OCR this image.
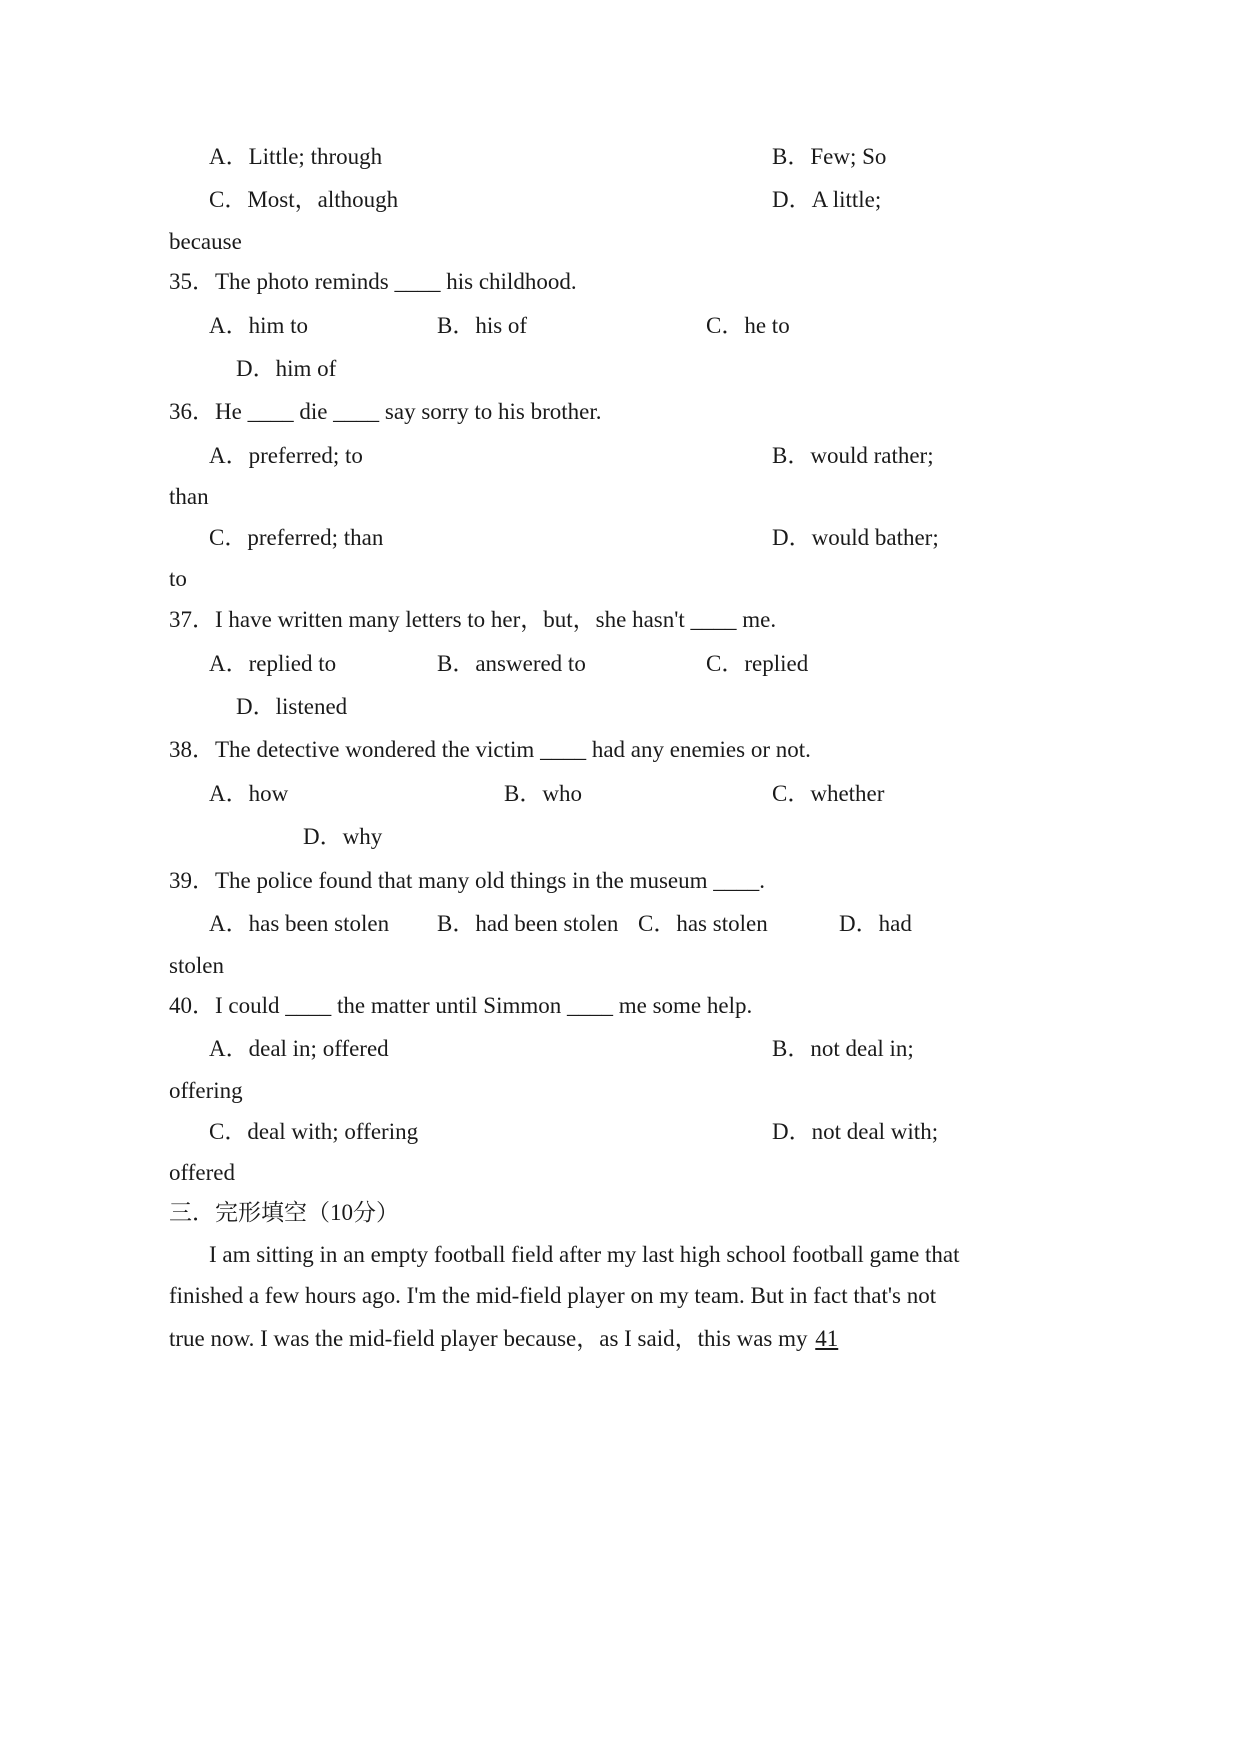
A．Little; through	B．Few; So
C．Most，although	D．A little;
because
35．The photo reminds ____ his childhood.
A．him to	B．his of	C．he to
D．him of
36．He ____ die ____ say sorry to his brother.
A．preferred; to	B．would rather;
than
C．preferred; than	D．would bather;
to
37．I have written many letters to her，but，she hasn't ____ me.
A．replied to	B．answered to	C．replied
D．listened
38．The detective wondered the victim ____ had any enemies or not.
A．how	B．who	C．whether
D．why
39．The police found that many old things in the museum ____.
A．has been stolen B．had been stolen C．has stolen	D．had
stolen
40．I could ____ the matter until Simmon ____ me some help.
A．deal in; offered	B．not deal in;
offering
C．deal with; offering	D．not deal with;
offered
三．完形填空（10分）
I am sitting in an empty football field after my last high school football game that
finished a few hours ago. I'm the mid-field player on my team. But in fact that's not
true now. I was the mid-field player because，as I said，this was my 41
